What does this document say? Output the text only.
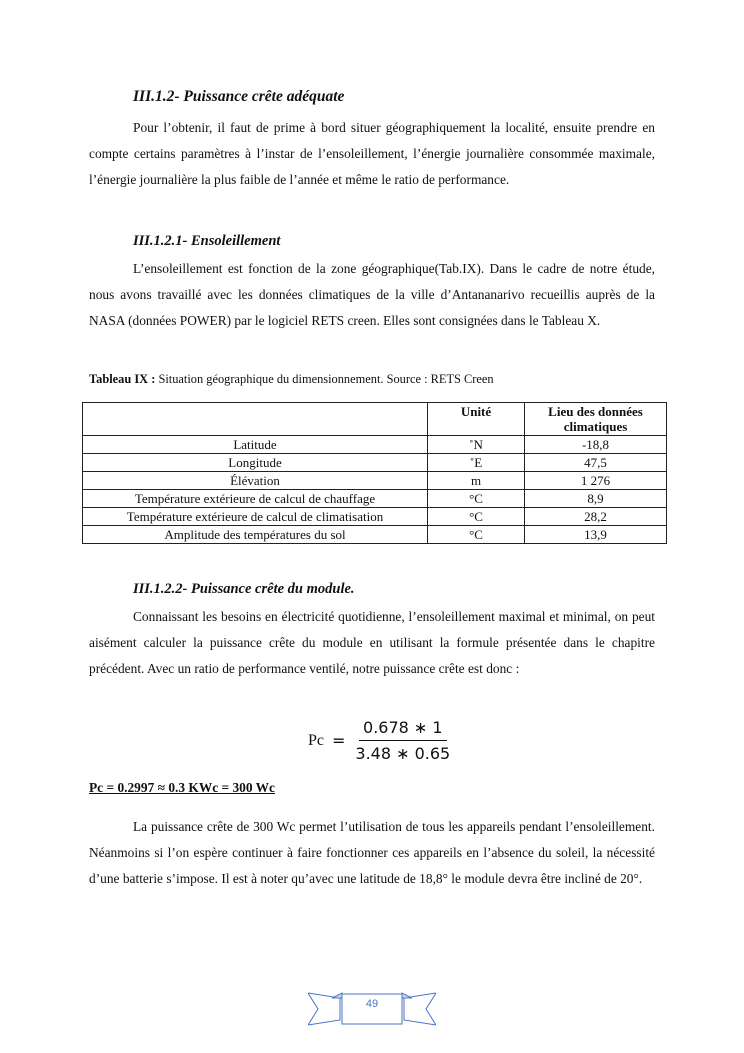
III.1.2- Puissance crête adéquate

Pour l’obtenir, il faut de prime à bord situer géographiquement la localité, ensuite prendre en compte certains paramètres à l’instar de l’ensoleillement, l’énergie journalière consommée maximale, l’énergie journalière la plus faible de l’année et même le ratio de performance.

III.1.2.1- Ensoleillement

L’ensoleillement est fonction de la zone géographique(Tab.IX). Dans le cadre de notre étude, nous avons travaillé avec les données climatiques de la ville d’Antananarivo recueillis auprès de la NASA (données POWER) par le logiciel RETS creen. Elles sont consignées dans le Tableau X.

Tableau IX : Situation géographique du dimensionnement. Source : RETS Creen
	Unité	Lieu des données climatiques
Latitude	˚N	-18,8
Longitude	˚E	47,5
Élévation	m	1 276
Température extérieure de calcul de chauffage	°C	8,9
Température extérieure de calcul de climatisation	°C	28,2
Amplitude des températures du sol	°C	13,9
III.1.2.2- Puissance crête du module.

Connaissant les besoins en électricité quotidienne, l’ensoleillement maximal et minimal, on peut aisément calculer la puissance crête du module en utilisant la formule présentée dans le chapitre précédent. Avec un ratio de performance ventilé, notre puissance crête est donc :

$Pc = \frac{0.678 ∗ 1}{3.48 ∗ 0.65}$
Pc = 0.2997 ≈ 0.3 KWc = 300 Wc

La puissance crête de 300 Wc permet l’utilisation de tous les appareils pendant l’ensoleillement. Néanmoins si l’on espère continuer à faire fonctionner ces appareils en l’absence du soleil, la nécessité d’une batterie s’impose. Il est à noter qu’avec une latitude de 18,8° le module devra être incliné de 20°.

49
